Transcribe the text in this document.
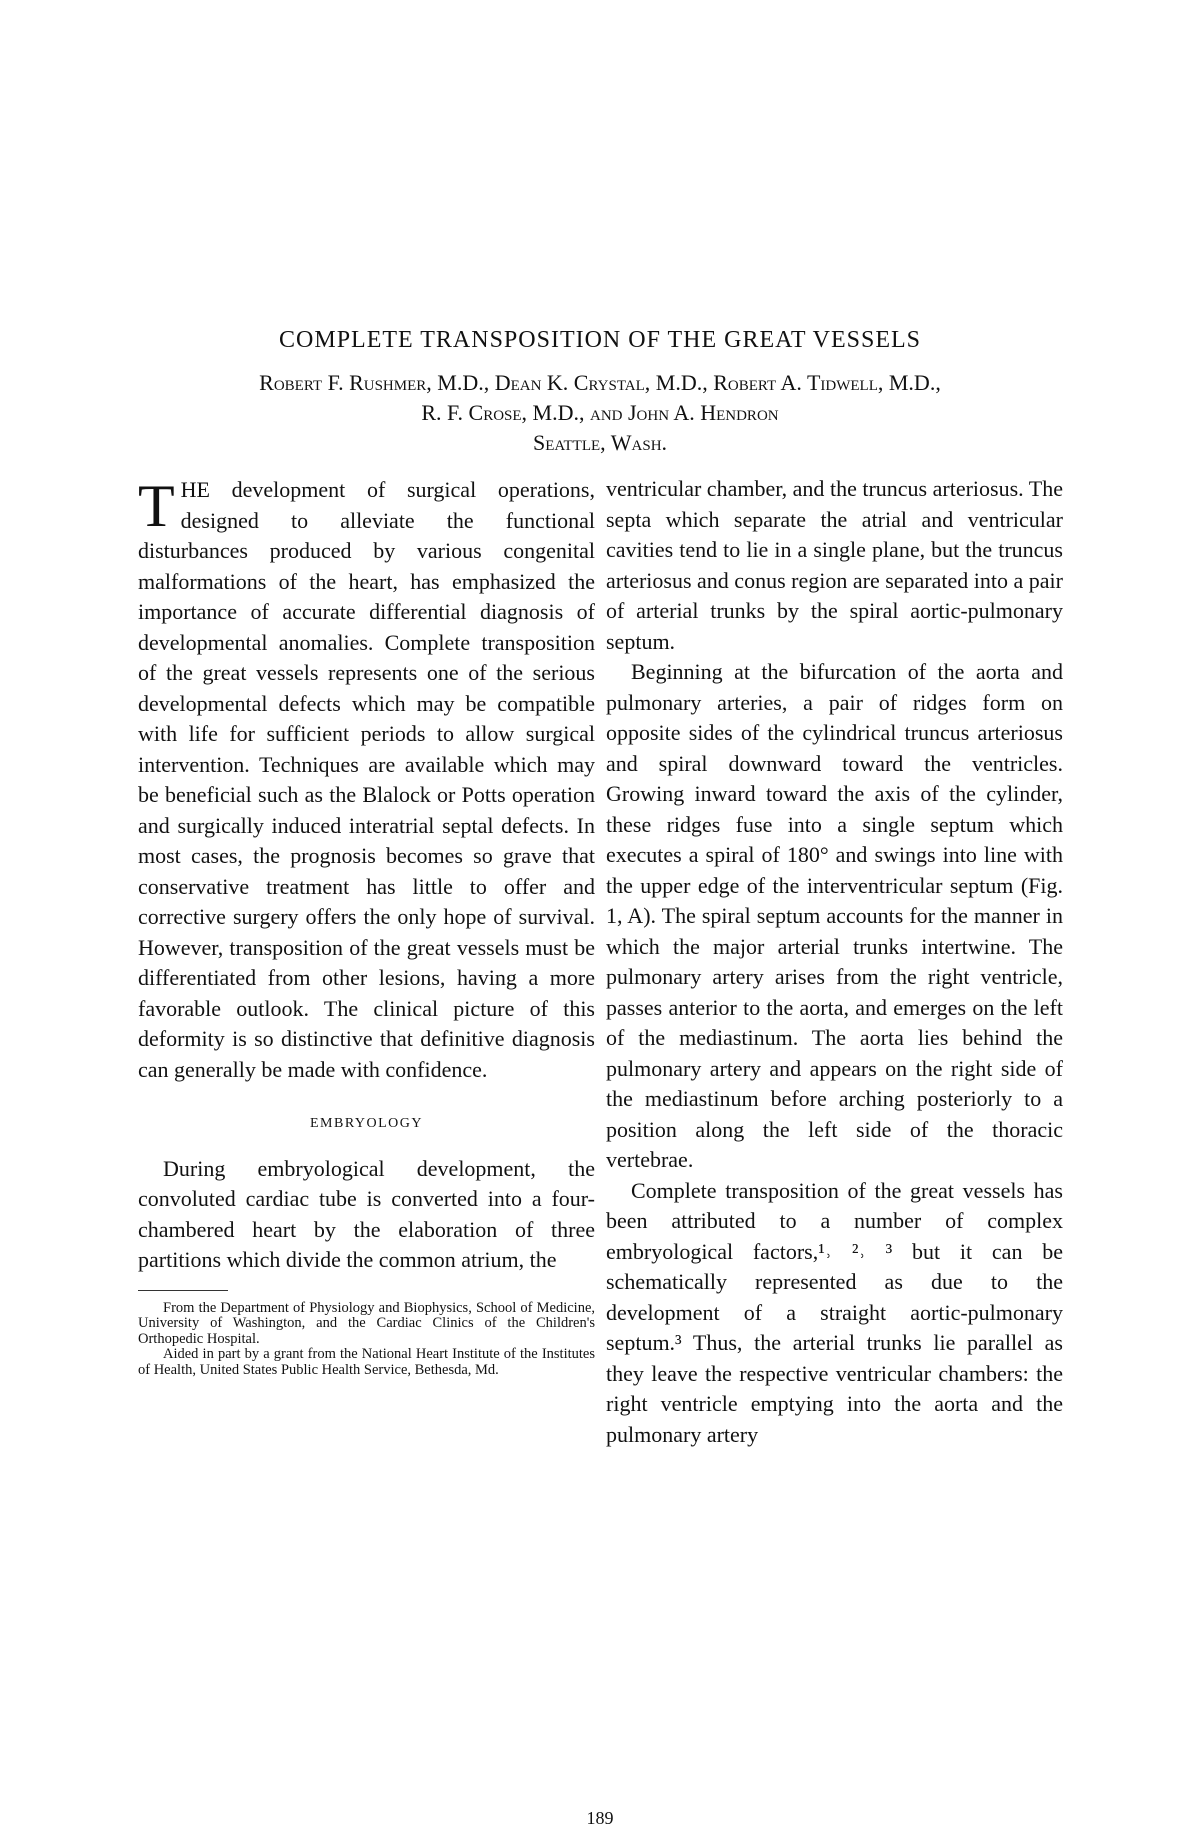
COMPLETE TRANSPOSITION OF THE GREAT VESSELS
Robert F. Rushmer, M.D., Dean K. Crystal, M.D., Robert A. Tidwell, M.D.,
R. F. Crose, M.D., and John A. Hendron
Seattle, Wash.

THE development of surgical operations, designed to alleviate the functional disturbances produced by various congenital malformations of the heart, has emphasized the importance of accurate differential diagnosis of developmental anomalies. Complete transposition of the great vessels represents one of the serious developmental defects which may be compatible with life for sufficient periods to allow surgical intervention. Techniques are available which may be beneficial such as the Blalock or Potts operation and surgically induced interatrial septal defects. In most cases, the prognosis becomes so grave that conservative treatment has little to offer and corrective surgery offers the only hope of survival. However, transposition of the great vessels must be differentiated from other lesions, having a more favorable outlook. The clinical picture of this deformity is so distinctive that definitive diagnosis can generally be made with confidence.

EMBRYOLOGY

During embryological development, the convoluted cardiac tube is converted into a four-chambered heart by the elaboration of three partitions which divide the common atrium, the

From the Department of Physiology and Biophysics, School of Medicine, University of Washington, and the Cardiac Clinics of the Children's Orthopedic Hospital.

Aided in part by a grant from the National Heart Institute of the Institutes of Health, United States Public Health Service, Bethesda, Md.

ventricular chamber, and the truncus arteriosus. The septa which separate the atrial and ventricular cavities tend to lie in a single plane, but the truncus arteriosus and conus region are separated into a pair of arterial trunks by the spiral aortic-pulmonary septum.

Beginning at the bifurcation of the aorta and pulmonary arteries, a pair of ridges form on opposite sides of the cylindrical truncus arteriosus and spiral downward toward the ventricles. Growing inward toward the axis of the cylinder, these ridges fuse into a single septum which executes a spiral of 180° and swings into line with the upper edge of the interventricular septum (Fig. 1, A). The spiral septum accounts for the manner in which the major arterial trunks intertwine. The pulmonary artery arises from the right ventricle, passes anterior to the aorta, and emerges on the left of the mediastinum. The aorta lies behind the pulmonary artery and appears on the right side of the mediastinum before arching posteriorly to a position along the left side of the thoracic vertebrae.

Complete transposition of the great vessels has been attributed to a number of complex embryological factors,¹˒ ²˒ ³ but it can be schematically represented as due to the development of a straight aortic-pulmonary septum.³ Thus, the arterial trunks lie parallel as they leave the respective ventricular chambers: the right ventricle emptying into the aorta and the pulmonary artery

189
